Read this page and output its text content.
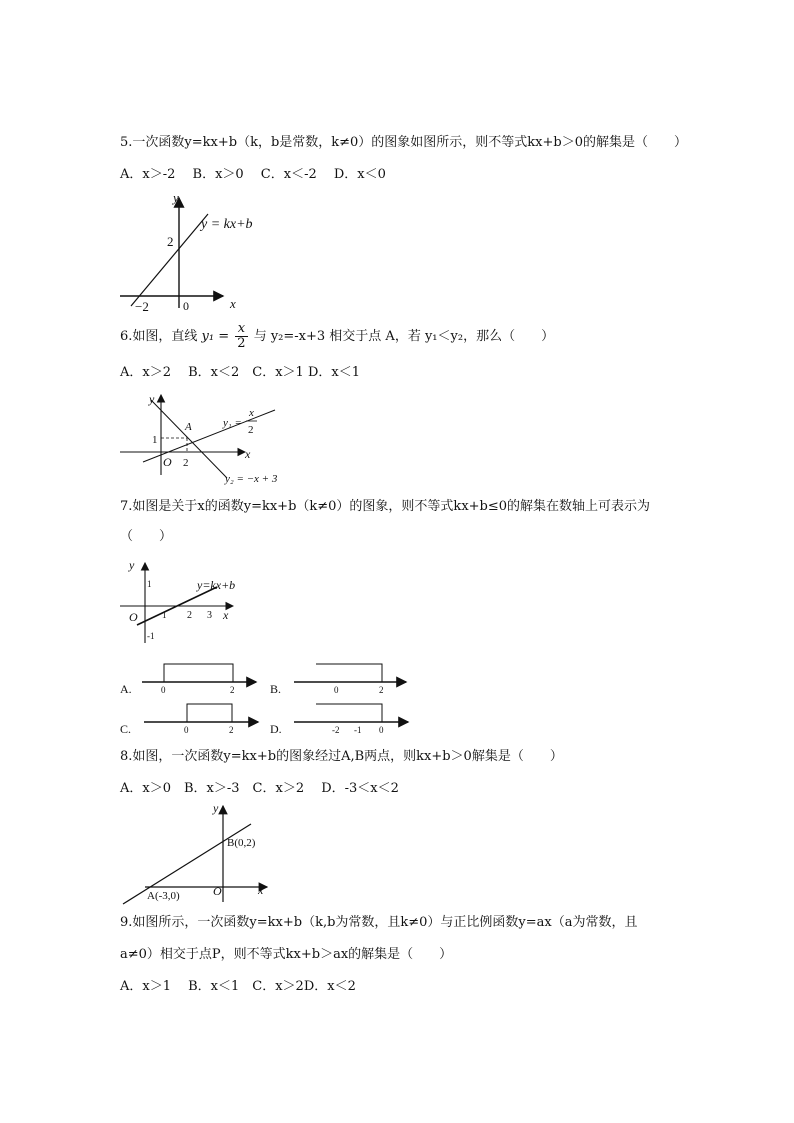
5.一次函数y=kx+b（k，b是常数，k≠0）的图象如图所示，则不等式kx+b＞0的解集是（　　）
A．x＞-2　 B．x＞0　 C．x＜-2　 D．x＜0
y
x
y = kx+b
2
−2	0
6.如图，直线 $y_1 = \frac{x}{2}$ 与 y₂=-x+3 相交于点 A，若 y₁＜y₂，那么（　　）
A．x＞2　 B．x＜2　C．x＞1 D．x＜1
y
x
A
1
2
O
y₁ =
x
2
y₂ = −x + 3
7.如图是关于x的函数y=kx+b（k≠0）的图象，则不等式kx+b≤0的解集在数轴上可表示为
（　　）
y
x
y=kx+b
1
1 2 3
-1
O
A.	0	2	B.	0	2
C.	0	2	D.	-2 -1 0
8.如图，一次函数y=kx+b的图象经过A,B两点，则kx+b＞0解集是（　　）
A．x＞0　B．x＞-3　C．x＞2　 D．-3＜x＜2
y
x
B(0,2)
A(-3,0)	O
9.如图所示，一次函数y=kx+b（k,b为常数，且k≠0）与正比例函数y=ax（a为常数，且
a≠0）相交于点P，则不等式kx+b＞ax的解集是（　　）
A．x＞1　 B．x＜1　C．x＞2D．x＜2
